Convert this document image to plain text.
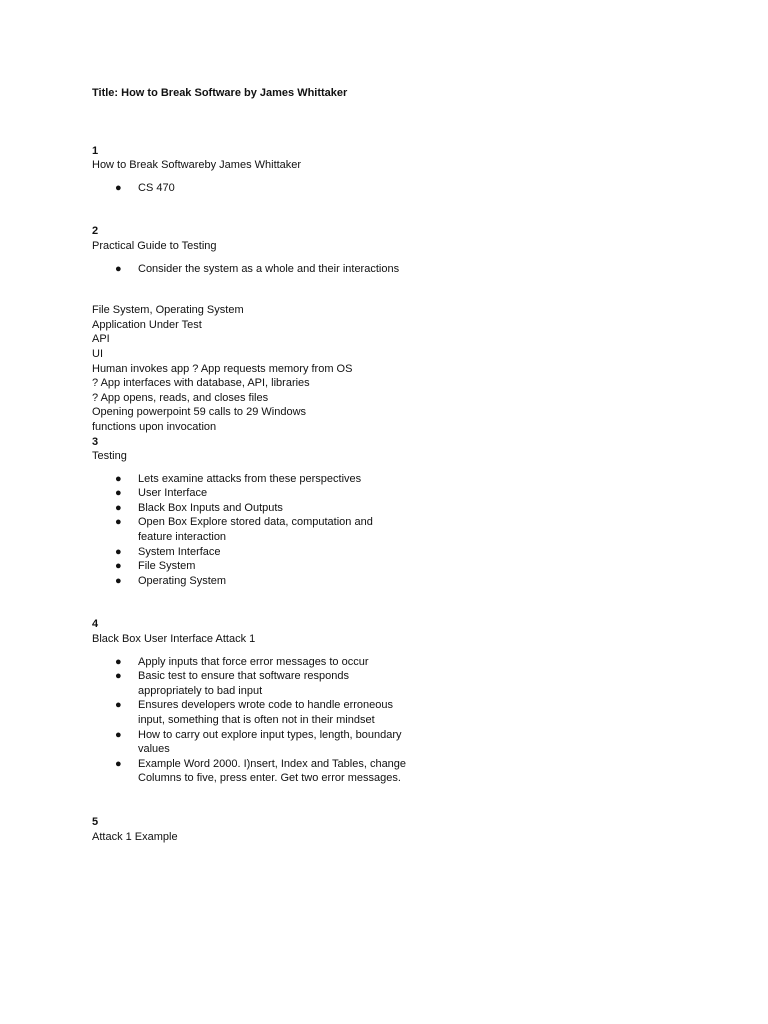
Title: How to Break Software by James Whittaker

1

How to Break Softwareby James Whittaker

● CS 470

2

Practical Guide to Testing

● Consider the system as a whole and their interactions

File System, Operating System

Application Under Test

API

UI

Human invokes app ? App requests memory from OS

? App interfaces with database, API, libraries

? App opens, reads, and closes files

Opening powerpoint 59 calls to 29 Windows

functions upon invocation

3

Testing

● Lets examine attacks from these perspectives
● User Interface
● Black Box Inputs and Outputs
● Open Box Explore stored data, computation and feature interaction
● System Interface
● File System
● Operating System

4

Black Box User Interface Attack 1

● Apply inputs that force error messages to occur
● Basic test to ensure that software responds appropriately to bad input
● Ensures developers wrote code to handle erroneous input, something that is often not in their mindset
● How to carry out explore input types, length, boundary values
● Example Word 2000. I)nsert, Index and Tables, change Columns to five, press enter. Get two error messages.

5

Attack 1 Example
